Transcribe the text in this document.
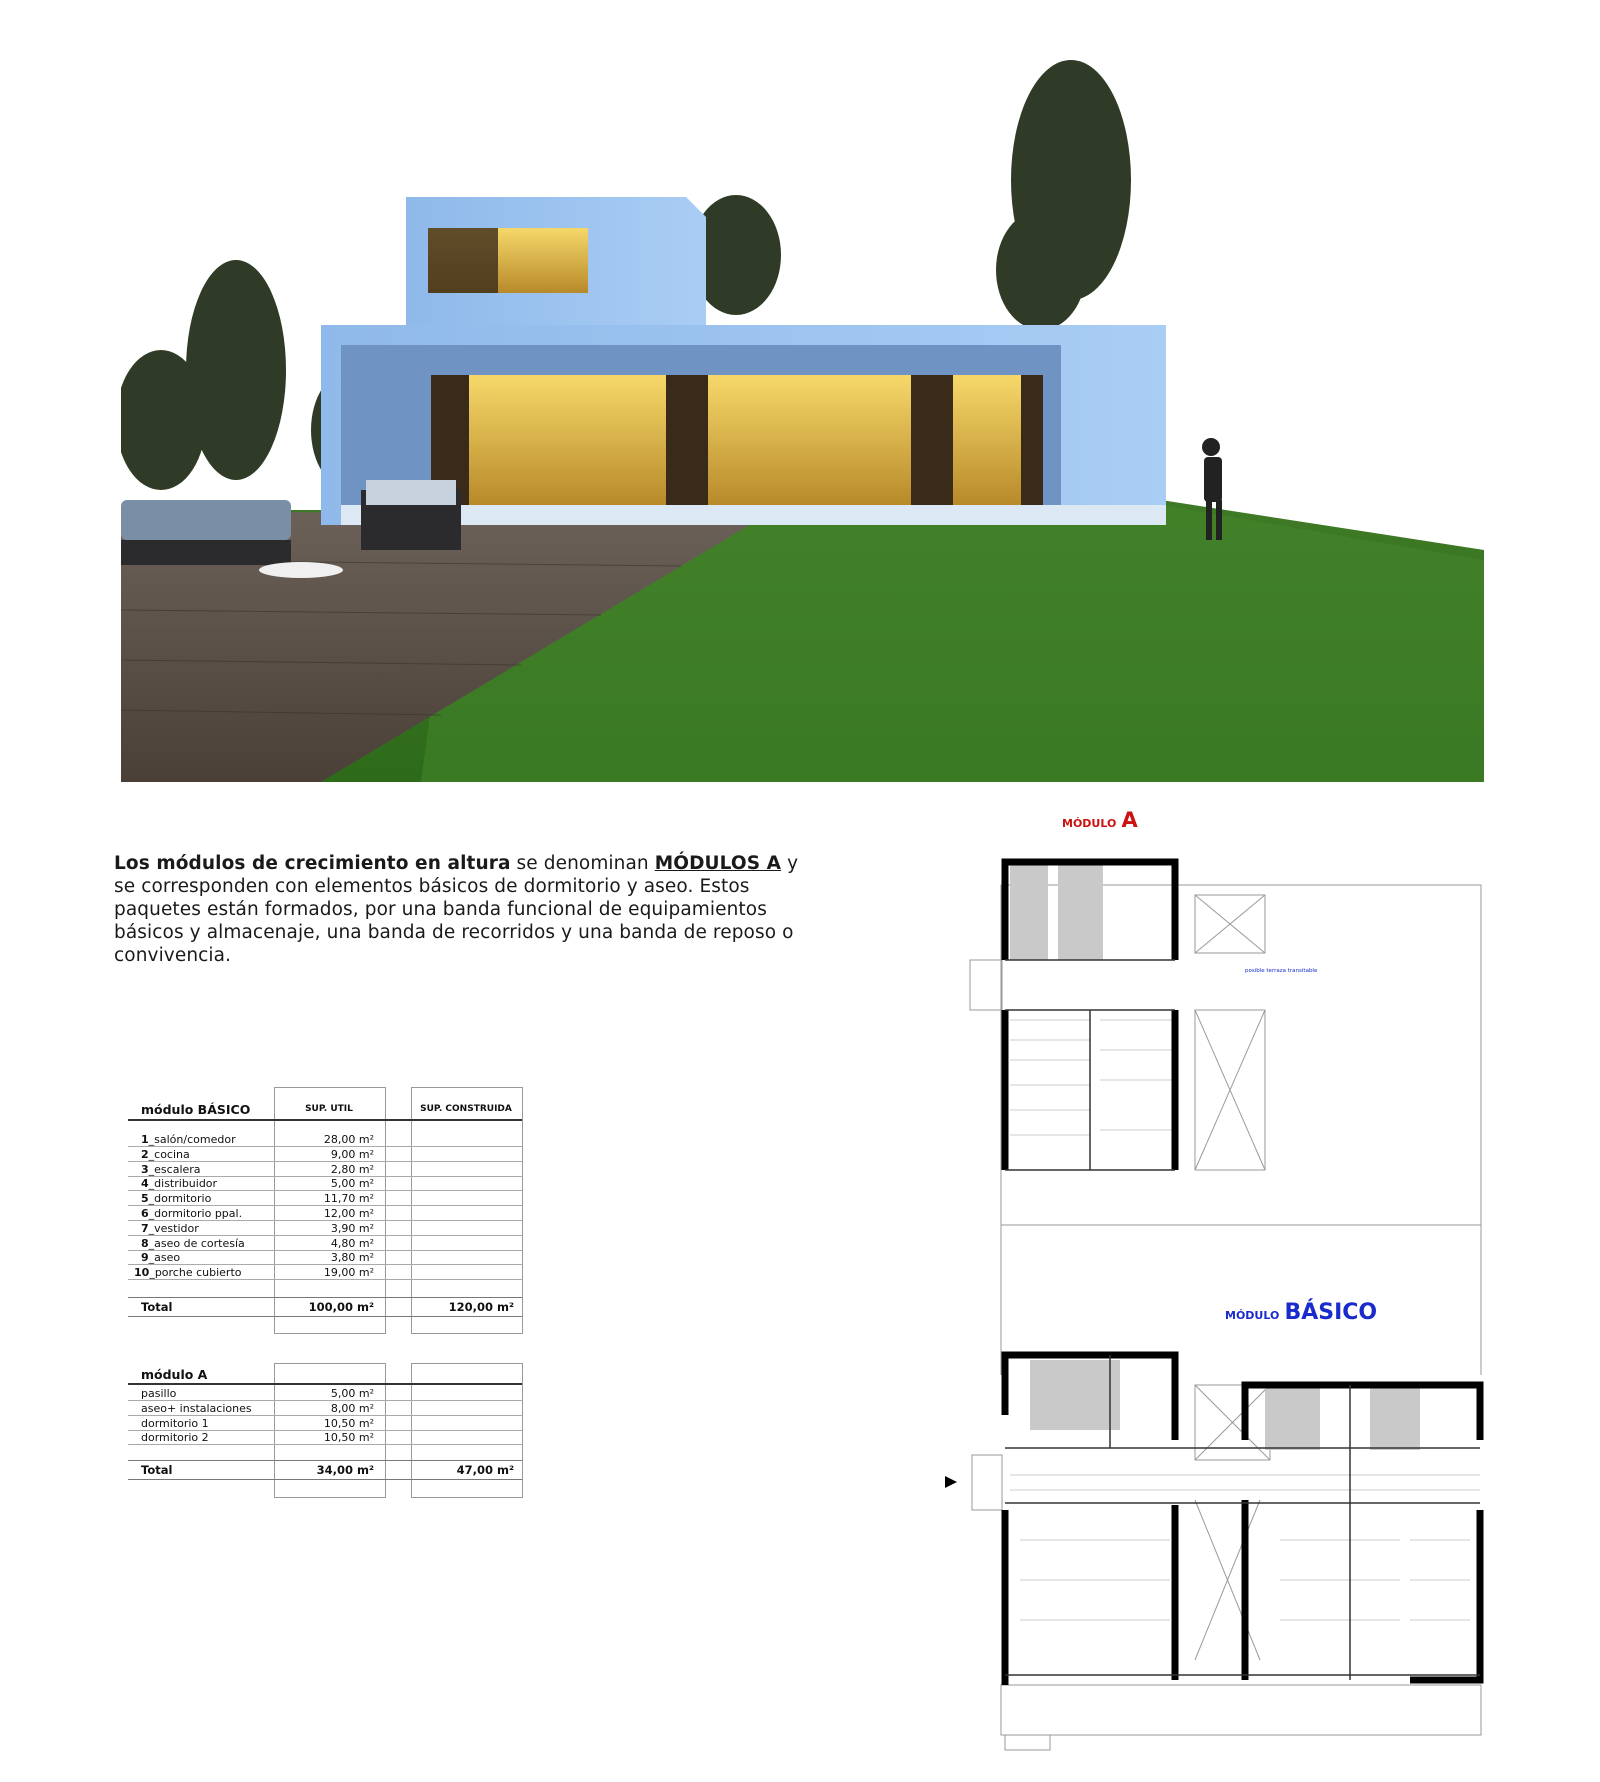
Los módulos de crecimiento en altura se denominan MÓDULOS A y se corresponden con elementos básicos de dormitorio y aseo. Estos paquetes están formados, por una banda funcional de equipamientos básicos y almacenaje, una banda de recorridos y una banda de reposo o convivencia.
módulo BÁSICO	SUP. UTIL	SUP. CONSTRUIDA
1_salón/comedor	28,00 m²
2_cocina	9,00 m²
3_escalera	2,80 m²
4_distribuidor	5,00 m²
5_dormitorio	11,70 m²
6_dormitorio ppal.	12,00 m²
7_vestidor	3,90 m²
8_aseo de cortesía	4,80 m²
9_aseo	3,80 m²
10_porche cubierto	19,00 m²
Total	100,00 m²	120,00 m²
módulo A
pasillo	5,00 m²
aseo+ instalaciones	8,00 m²
dormitorio 1	10,50 m²
dormitorio 2	10,50 m²
Total	34,00 m²	47,00 m²
MÓDULO A
MÓDULO BÁSICO
posible terraza transitable
